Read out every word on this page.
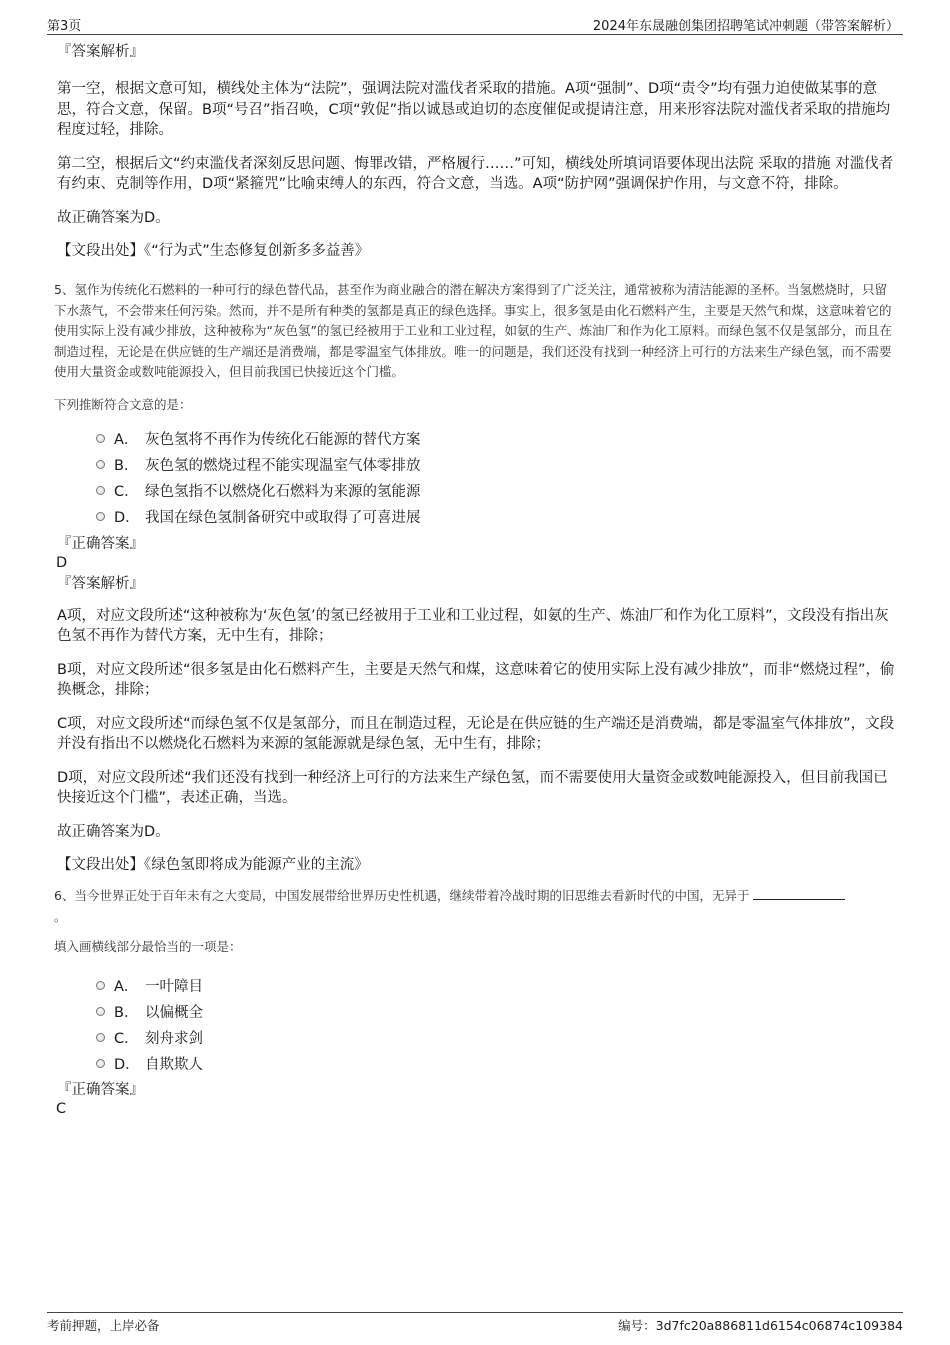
第3页	2024年东晟融创集团招聘笔试冲刺题（带答案解析）
『答案解析』
第一空，根据文意可知，横线处主体为“法院”，强调法院对滥伐者采取的措施。A项“强制”、D项“责令”均有强力迫使做某事的意思，符合文意，保留。B项“号召”指召唤，C项“敦促”指以诚恳或迫切的态度催促或提请注意，用来形容法院对滥伐者采取的措施均程度过轻，排除。
第二空，根据后文“约束滥伐者深刻反思问题、悔罪改错，严格履行……”可知，横线处所填词语要体现出法院 采取的措施 对滥伐者有约束、克制等作用，D项“紧箍咒”比喻束缚人的东西，符合文意，当选。A项“防护网”强调保护作用，与文意不符，排除。
故正确答案为D。
【文段出处】《“行为式”生态修复创新多多益善》
5、氢作为传统化石燃料的一种可行的绿色替代品，甚至作为商业融合的潜在解决方案得到了广泛关注，通常被称为清洁能源的圣杯。当氢燃烧时，只留下水蒸气，不会带来任何污染。然而，并不是所有种类的氢都是真正的绿色选择。事实上，很多氢是由化石燃料产生，主要是天然气和煤，这意味着它的使用实际上没有减少排放，这种被称为“灰色氢”的氢已经被用于工业和工业过程，如氨的生产、炼油厂和作为化工原料。而绿色氢不仅是氢部分，而且在制造过程，无论是在供应链的生产端还是消费端，都是零温室气体排放。唯一的问题是，我们还没有找到一种经济上可行的方法来生产绿色氢，而不需要使用大量资金或数吨能源投入，但目前我国已快接近这个门槛。
下列推断符合文意的是：
A． 灰色氢将不再作为传统化石能源的替代方案
B． 灰色氢的燃烧过程不能实现温室气体零排放
C． 绿色氢指不以燃烧化石燃料为来源的氢能源
D． 我国在绿色氢制备研究中或取得了可喜进展
『正确答案』
D
『答案解析』
A项，对应文段所述“这种被称为‘灰色氢’的氢已经被用于工业和工业过程，如氨的生产、炼油厂和作为化工原料”，文段没有指出灰色氢不再作为替代方案，无中生有，排除；
B项，对应文段所述“很多氢是由化石燃料产生，主要是天然气和煤，这意味着它的使用实际上没有减少排放”，而非“燃烧过程”，偷换概念，排除；
C项，对应文段所述“而绿色氢不仅是氢部分，而且在制造过程，无论是在供应链的生产端还是消费端，都是零温室气体排放”，文段并没有指出不以燃烧化石燃料为来源的氢能源就是绿色氢，无中生有，排除；
D项，对应文段所述“我们还没有找到一种经济上可行的方法来生产绿色氢，而不需要使用大量资金或数吨能源投入，但目前我国已快接近这个门槛”，表述正确，当选。
故正确答案为D。
【文段出处】《绿色氢即将成为能源产业的主流》
6、当今世界正处于百年未有之大变局，中国发展带给世界历史性机遇，继续带着冷战时期的旧思维去看新时代的中国，无异于
。
填入画横线部分最恰当的一项是：
A． 一叶障目
B． 以偏概全
C． 刻舟求剑
D． 自欺欺人
『正确答案』
C
考前押题，上岸必备	编号：3d7fc20a886811d6154c06874c109384
